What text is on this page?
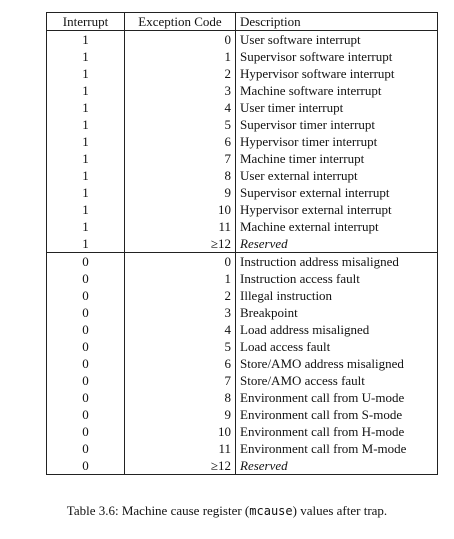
Interrupt	Exception Code	Description
1	0	User software interrupt
1	1	Supervisor software interrupt
1	2	Hypervisor software interrupt
1	3	Machine software interrupt
1	4	User timer interrupt
1	5	Supervisor timer interrupt
1	6	Hypervisor timer interrupt
1	7	Machine timer interrupt
1	8	User external interrupt
1	9	Supervisor external interrupt
1	10	Hypervisor external interrupt
1	11	Machine external interrupt
1	≥12	Reserved
0	0	Instruction address misaligned
0	1	Instruction access fault
0	2	Illegal instruction
0	3	Breakpoint
0	4	Load address misaligned
0	5	Load access fault
0	6	Store/AMO address misaligned
0	7	Store/AMO access fault
0	8	Environment call from U-mode
0	9	Environment call from S-mode
0	10	Environment call from H-mode
0	11	Environment call from M-mode
0	≥12	Reserved
Table 3.6: Machine cause register (mcause) values after trap.
